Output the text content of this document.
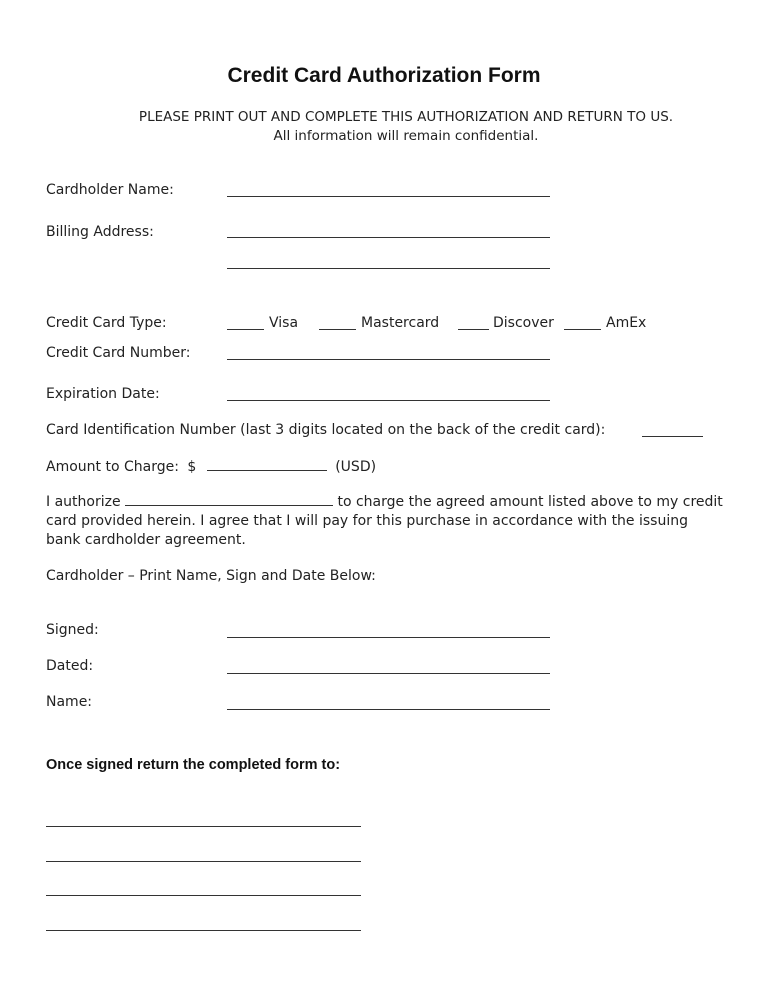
Credit Card Authorization Form
PLEASE PRINT OUT AND COMPLETE THIS AUTHORIZATION AND RETURN TO US.
All information will remain confidential.
Cardholder Name:
Billing Address:
Credit Card Type:	Visa	Mastercard	Discover	AmEx
Credit Card Number:
Expiration Date:
Card Identification Number (last 3 digits located on the back of the credit card):
Amount to Charge: $	(USD)
I authorize	to charge the agreed amount listed above to my credit card provided herein. I agree that I will pay for this purchase in accordance with the issuing bank cardholder agreement.
Cardholder – Print Name, Sign and Date Below:
Signed:
Dated:
Name:
Once signed return the completed form to:
